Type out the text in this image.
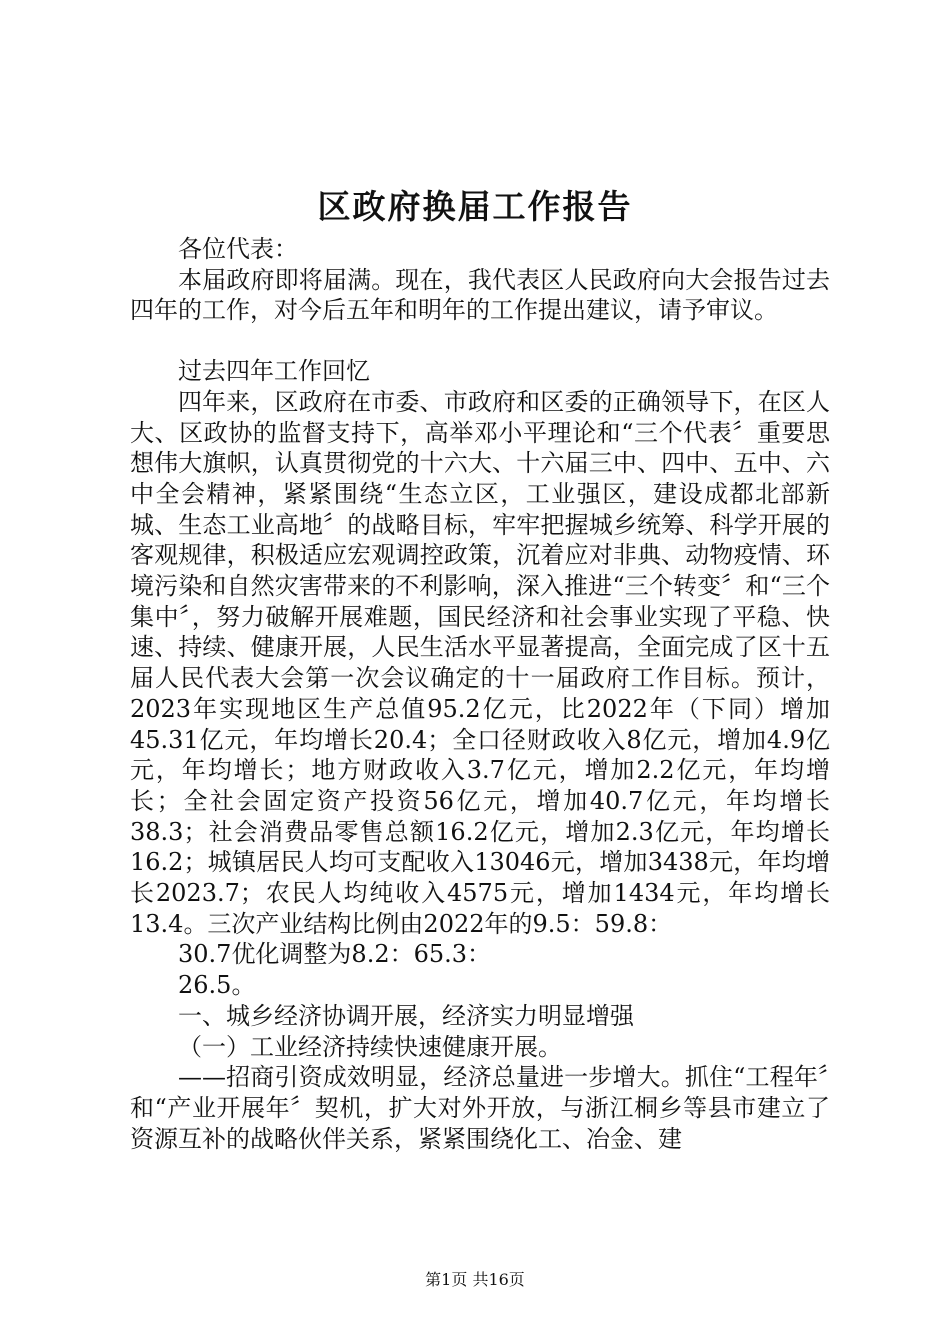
区政府换届工作报告

各位代表：

本届政府即将届满。现在，我代表区人民政府向大会报告过去四年的工作，对今后五年和明年的工作提出建议，请予审议。

过去四年工作回忆

四年来，区政府在市委、市政府和区委的正确领导下，在区人大、区政协的监督支持下，高举邓小平理论和“三个代表〞重要思想伟大旗帜，认真贯彻党的十六大、十六届三中、四中、五中、六中全会精神，紧紧围绕“生态立区，工业强区，建设成都北部新城、生态工业高地〞的战略目标，牢牢把握城乡统筹、科学开展的客观规律，积极适应宏观调控政策，沉着应对非典、动物疫情、环境污染和自然灾害带来的不利影响，深入推进“三个转变〞和“三个集中〞，努力破解开展难题，国民经济和社会事业实现了平稳、快速、持续、健康开展，人民生活水平显著提高，全面完成了区十五届人民代表大会第一次会议确定的十一届政府工作目标。预计，2023年实现地区生产总值95.2亿元，比2022年（下同）增加45.31亿元，年均增长20.4；全口径财政收入8亿元，增加4.9亿元，年均增长；地方财政收入3.7亿元，增加2.2亿元，年均增长；全社会固定资产投资56亿元，增加40.7亿元，年均增长38.3；社会消费品零售总额16.2亿元，增加2.3亿元，年均增长16.2；城镇居民人均可支配收入13046元，增加3438元，年均增长2023.7；农民人均纯收入4575元，增加1434元，年均增长13.4。三次产业结构比例由2022年的9.5：59.8：

30.7优化调整为8.2：65.3：

26.5。

一、城乡经济协调开展，经济实力明显增强

（一）工业经济持续快速健康开展。

——招商引资成效明显，经济总量进一步增大。抓住“工程年〞和“产业开展年〞契机，扩大对外开放，与浙江桐乡等县市建立了资源互补的战略伙伴关系，紧紧围绕化工、冶金、建

第1页 共16页
